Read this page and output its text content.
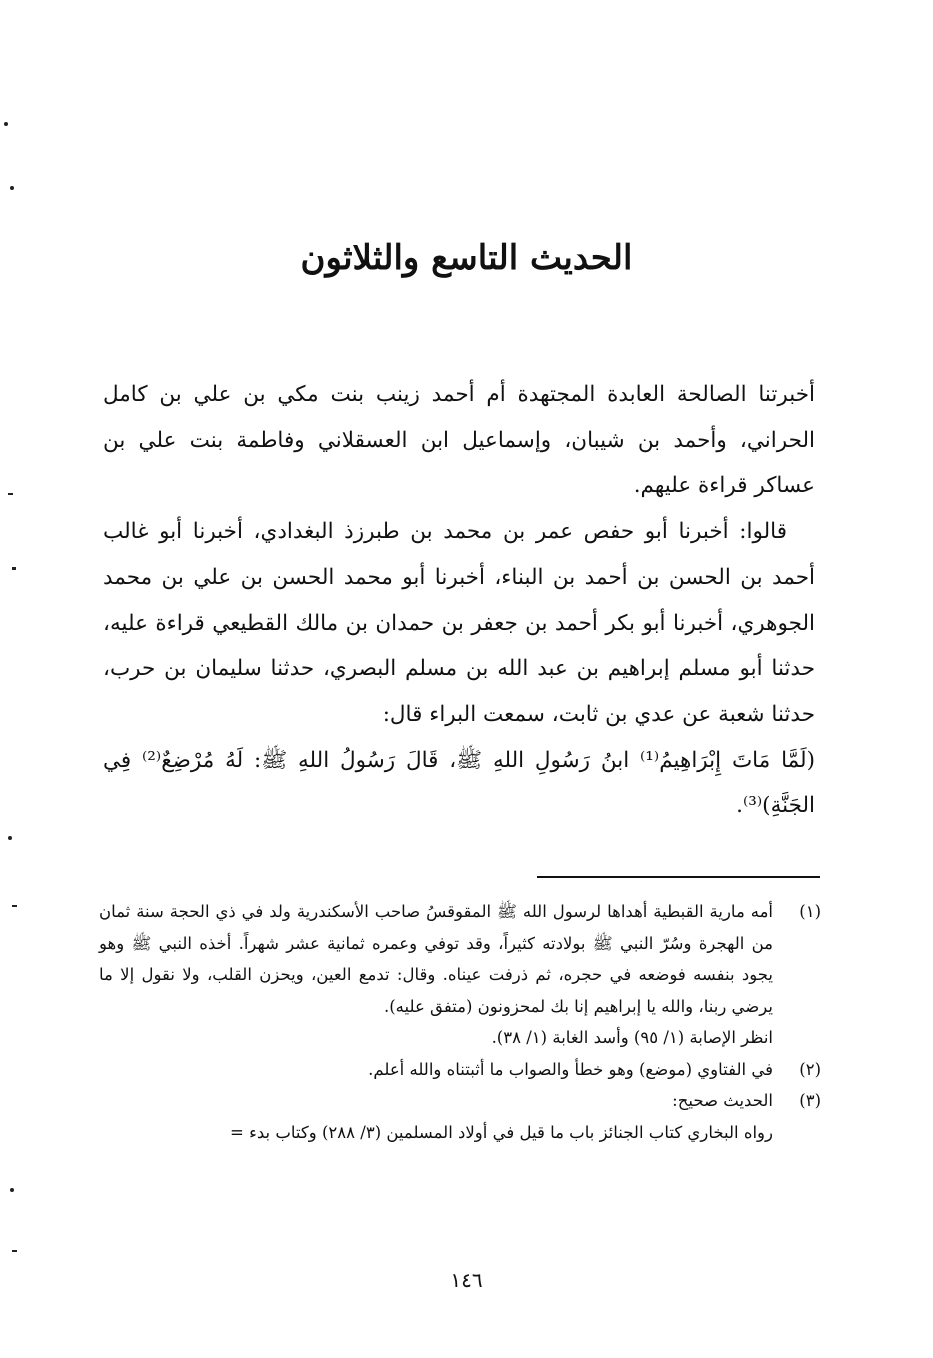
الحديث التاسع والثلاثون

أخبرتنا الصالحة العابدة المجتهدة أم أحمد زينب بنت مكي بن علي بن كامل الحراني، وأحمد بن شيبان، وإسماعيل ابن العسقلاني وفاطمة بنت علي بن عساكر قراءة عليهم.

قالوا: أخبرنا أبو حفص عمر بن محمد بن طبرزذ البغدادي، أخبرنا أبو غالب أحمد بن الحسن بن أحمد بن البناء، أخبرنا أبو محمد الحسن بن علي بن محمد الجوهري، أخبرنا أبو بكر أحمد بن جعفر بن حمدان بن مالك القطيعي قراءة عليه، حدثنا أبو مسلم إبراهيم بن عبد الله بن مسلم البصري، حدثنا سليمان بن حرب، حدثنا شعبة عن عدي بن ثابت، سمعت البراء قال:

(لَمَّا مَاتَ إِبْرَاهِيمُ⁽¹⁾ ابنُ رَسُولِ اللهِ ﷺ، قَالَ رَسُولُ اللهِ ﷺ: لَهُ مُرْضِعٌ⁽²⁾ فِي الجَنَّةِ)⁽³⁾.

(١)
أمه مارية القبطية أهداها لرسول الله ﷺ المقوقسُ صاحب الأسكندرية ولد في ذي الحجة سنة ثمان من الهجرة وسُرّ النبي ﷺ بولادته كثيراً، وقد توفي وعمره ثمانية عشر شهراً. أخذه النبي ﷺ وهو يجود بنفسه فوضعه في حجره، ثم ذرفت عيناه. وقال: تدمع العين، ويحزن القلب، ولا نقول إلا ما يرضي ربنا، والله يا إبراهيم إنا بك لمحزونون (متفق عليه).

انظر الإصابة (١/ ٩٥) وأسد الغابة (١/ ٣٨).

(٢)
في الفتاوي (موضع) وهو خطأ والصواب ما أثبتناه والله أعلم.
(٣)
الحديث صحيح:

رواه البخاري كتاب الجنائز باب ما قيل في أولاد المسلمين (٣/ ٢٨٨) وكتاب بدء =

١٤٦
